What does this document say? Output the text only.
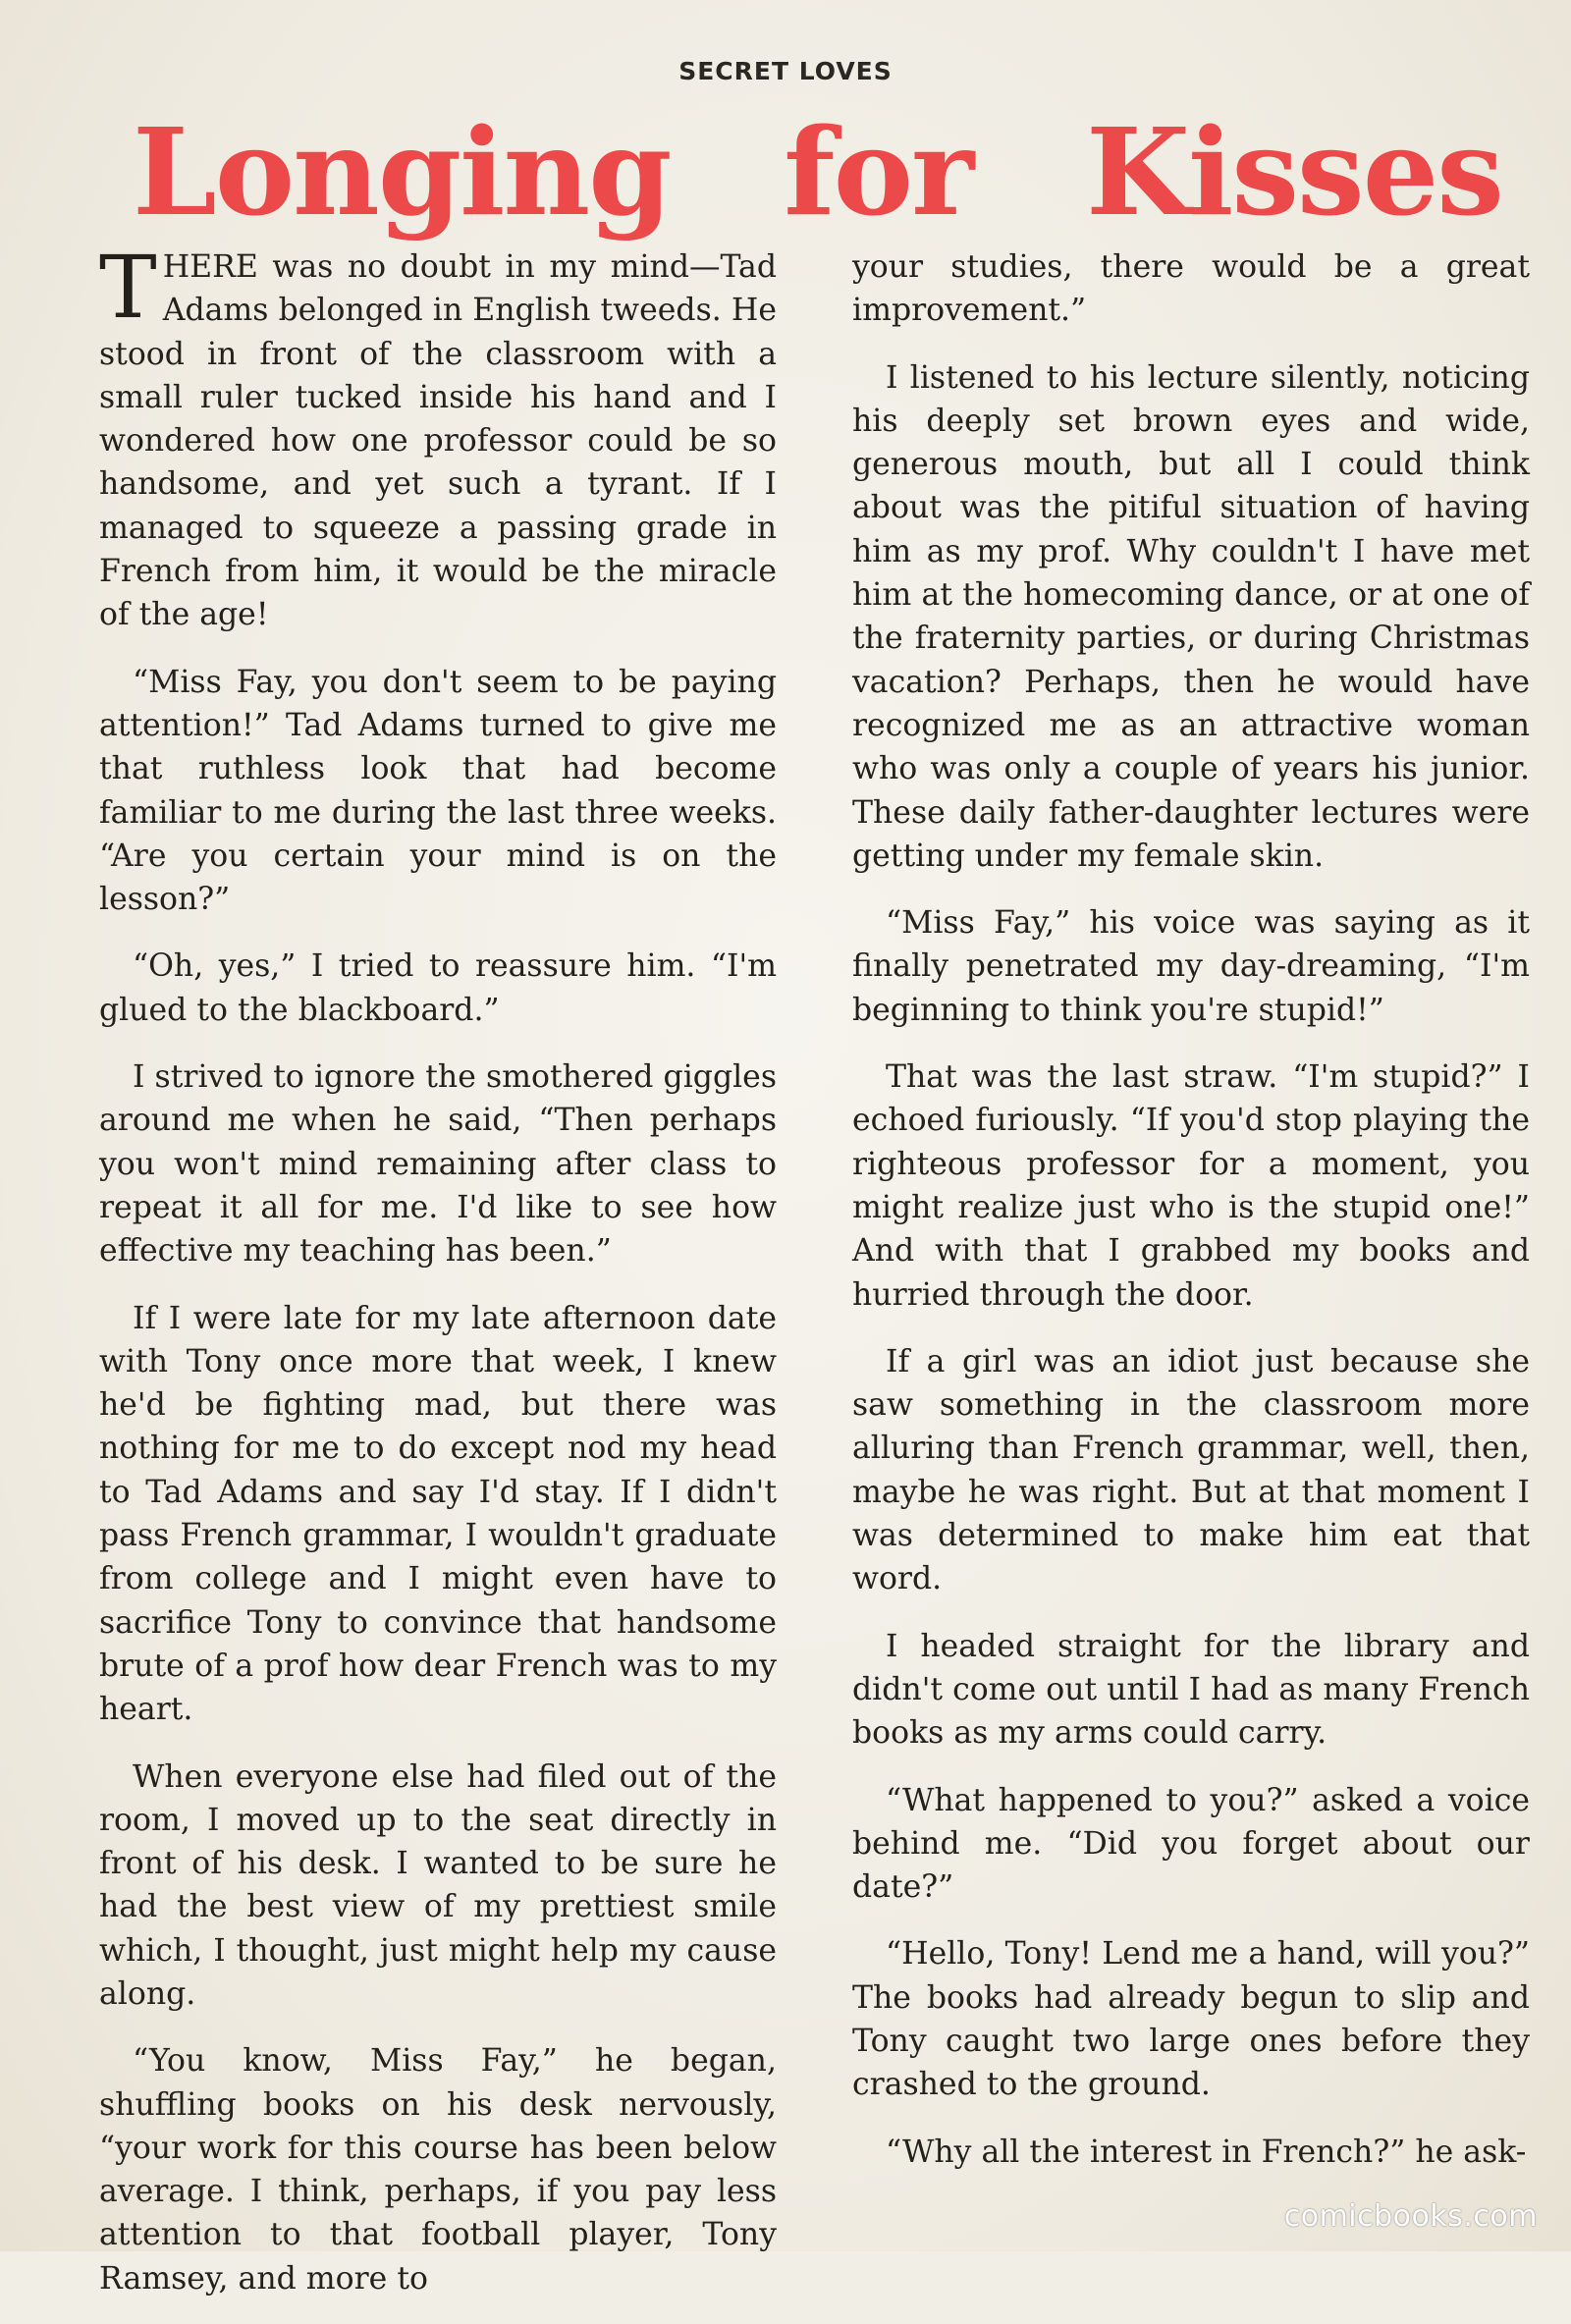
SECRET LOVES
Longing for Kisses

THERE was no doubt in my mind—Tad Adams belonged in English tweeds. He stood in front of the classroom with a small ruler tucked inside his hand and I wondered how one professor could be so handsome, and yet such a tyrant. If I managed to squeeze a passing grade in French from him, it would be the miracle of the age!

“Miss Fay, you don't seem to be paying attention!” Tad Adams turned to give me that ruthless look that had become familiar to me during the last three weeks. “Are you certain your mind is on the lesson?”

“Oh, yes,” I tried to reassure him. “I'm glued to the blackboard.”

I strived to ignore the smothered giggles around me when he said, “Then perhaps you won't mind remaining after class to repeat it all for me. I'd like to see how effective my teaching has been.”

If I were late for my late afternoon date with Tony once more that week, I knew he'd be fighting mad, but there was nothing for me to do except nod my head to Tad Adams and say I'd stay. If I didn't pass French grammar, I wouldn't graduate from college and I might even have to sacrifice Tony to convince that handsome brute of a prof how dear French was to my heart.

When everyone else had filed out of the room, I moved up to the seat directly in front of his desk. I wanted to be sure he had the best view of my prettiest smile which, I thought, just might help my cause along.

“You know, Miss Fay,” he began, shuffling books on his desk nervously, “your work for this course has been below average. I think, perhaps, if you pay less attention to that football player, Tony Ramsey, and more to

your studies, there would be a great improvement.”

I listened to his lecture silently, noticing his deeply set brown eyes and wide, generous mouth, but all I could think about was the pitiful situation of having him as my prof. Why couldn't I have met him at the homecoming dance, or at one of the fraternity parties, or during Christmas vacation? Perhaps, then he would have recognized me as an attractive woman who was only a couple of years his junior. These daily father-daughter lectures were getting under my female skin.

“Miss Fay,” his voice was saying as it finally penetrated my day-dreaming, “I'm beginning to think you're stupid!”

That was the last straw. “I'm stupid?” I echoed furiously. “If you'd stop playing the righteous professor for a moment, you might realize just who is the stupid one!” And with that I grabbed my books and hurried through the door.

If a girl was an idiot just because she saw something in the classroom more alluring than French grammar, well, then, maybe he was right. But at that moment I was determined to make him eat that word.

I headed straight for the library and didn't come out until I had as many French books as my arms could carry.

“What happened to you?” asked a voice behind me. “Did you forget about our date?”

“Hello, Tony! Lend me a hand, will you?” The books had already begun to slip and Tony caught two large ones before they crashed to the ground.

“Why all the interest in French?” he ask-

comicbooks.com
